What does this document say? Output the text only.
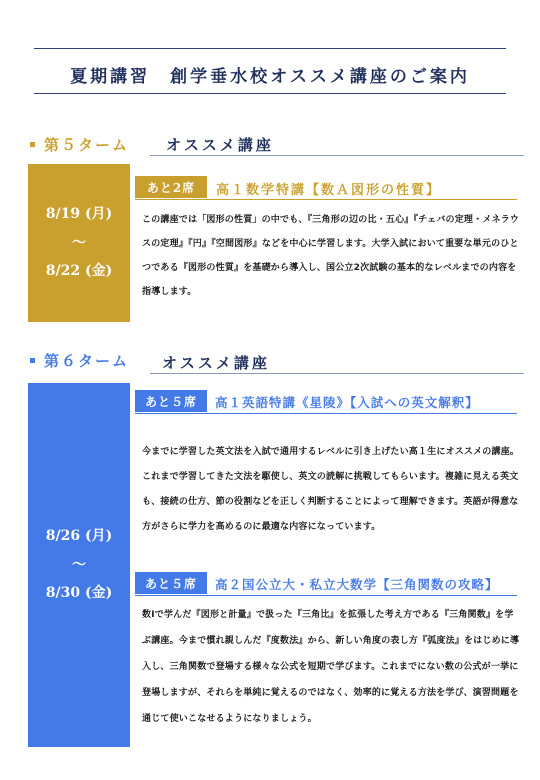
夏期講習　創学垂水校オススメ講座のご案内
第５ターム オススメ講座
8/19 (月)
〜
8/22 (金)
あと2席	高１数学特講【数Ａ図形の性質】

この講座では「図形の性質」の中でも、『三角形の辺の比・五心』『チェバの定理・メネラウスの定理』『円』『空間図形』などを中心に学習します。大学入試において重要な単元のひとつである『図形の性質』を基礎から導入し、国公立2次試験の基本的なレベルまでの内容を指導します。

第６ターム オススメ講座
8/26 (月)
〜
8/30 (金)
あと５席	高１英語特講《星陵》【入試への英文解釈】

今までに学習した英文法を入試で通用するレベルに引き上げたい高１生にオススメの講座。これまで学習してきた文法を駆使し、英文の読解に挑戦してもらいます。複雑に見える英文も、接続の仕方、節の役割などを正しく判断することによって理解できます。英語が得意な方がさらに学力を高めるのに最適な内容になっています。

あと５席	高２国公立大・私立大数学【三角関数の攻略】

数Ⅰで学んだ『図形と計量』で扱った『三角比』を拡張した考え方である『三角関数』を学ぶ講座。今まで慣れ親しんだ『度数法』から、新しい角度の表し方『弧度法』をはじめに導入し、三角関数で登場する様々な公式を短期で学びます。これまでにない数の公式が一挙に登場しますが、それらを単純に覚えるのではなく、効率的に覚える方法を学び、演習問題を通じて使いこなせるようになりましょう。
